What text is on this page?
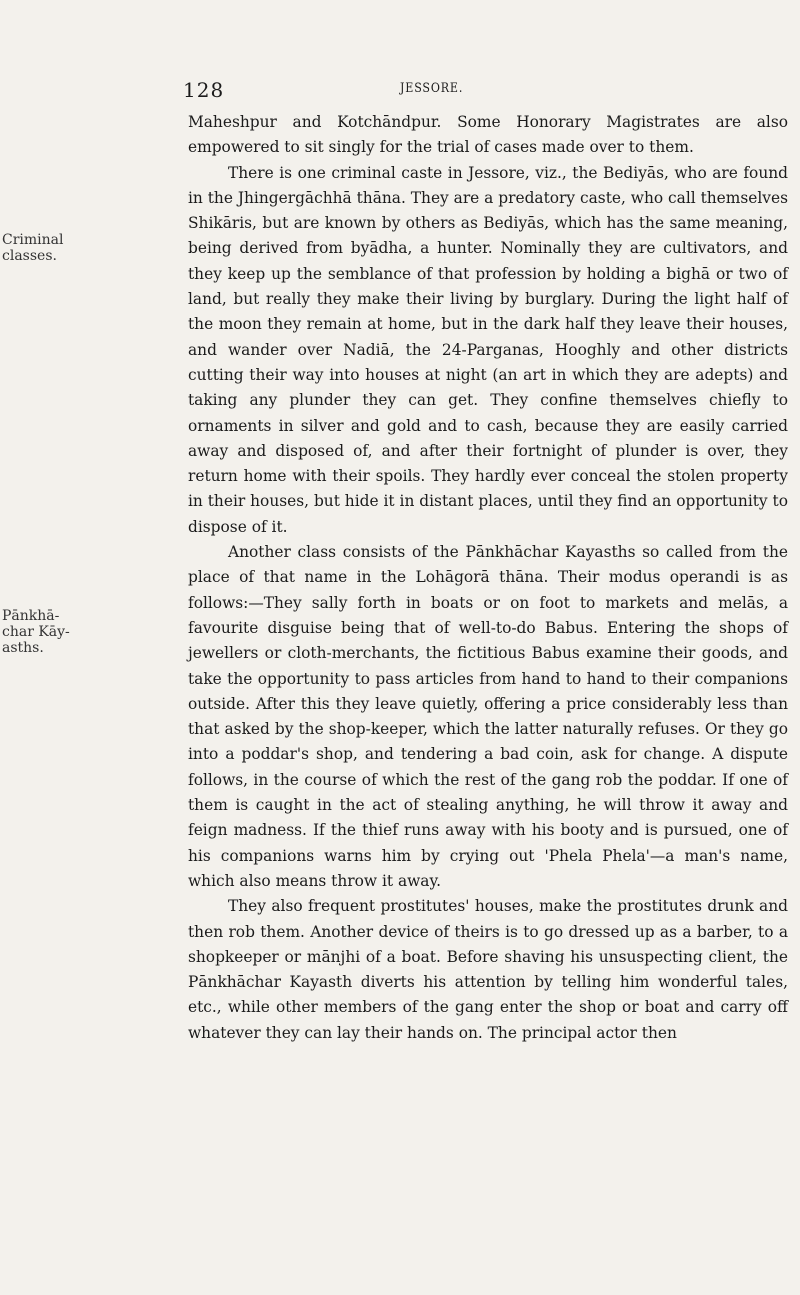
128	JESSORE.
Criminal classes.
Pānkhā-char Kāy-asths.

Maheshpur and Kotchāndpur. Some Honorary Magistrates are also empowered to sit singly for the trial of cases made over to them.

There is one criminal caste in Jessore, viz., the Bediyās, who are found in the Jhingergāchhā thāna. They are a predatory caste, who call themselves Shikāris, but are known by others as Bediyās, which has the same meaning, being derived from byādha, a hunter. Nominally they are cultivators, and they keep up the semblance of that profession by holding a bighā or two of land, but really they make their living by burglary. During the light half of the moon they remain at home, but in the dark half they leave their houses, and wander over Nadiā, the 24-Parganas, Hooghly and other districts cutting their way into houses at night (an art in which they are adepts) and taking any plunder they can get. They confine themselves chiefly to ornaments in silver and gold and to cash, because they are easily carried away and disposed of, and after their fortnight of plunder is over, they return home with their spoils. They hardly ever conceal the stolen property in their houses, but hide it in distant places, until they find an opportunity to dispose of it.

Another class consists of the Pānkhāchar Kayasths so called from the place of that name in the Lohāgorā thāna. Their modus operandi is as follows:—They sally forth in boats or on foot to markets and melās, a favourite disguise being that of well-to-do Babus. Entering the shops of jewellers or cloth-merchants, the fictitious Babus examine their goods, and take the opportunity to pass articles from hand to hand to their companions outside. After this they leave quietly, offering a price considerably less than that asked by the shop-keeper, which the latter naturally refuses. Or they go into a poddar's shop, and tendering a bad coin, ask for change. A dispute follows, in the course of which the rest of the gang rob the poddar. If one of them is caught in the act of stealing anything, he will throw it away and feign madness. If the thief runs away with his booty and is pursued, one of his companions warns him by crying out 'Phela Phela'—a man's name, which also means throw it away.

They also frequent prostitutes' houses, make the prostitutes drunk and then rob them. Another device of theirs is to go dressed up as a barber, to a shopkeeper or mānjhi of a boat. Before shaving his unsuspecting client, the Pānkhāchar Kayasth diverts his attention by telling him wonderful tales, etc., while other members of the gang enter the shop or boat and carry off whatever they can lay their hands on. The principal actor then
